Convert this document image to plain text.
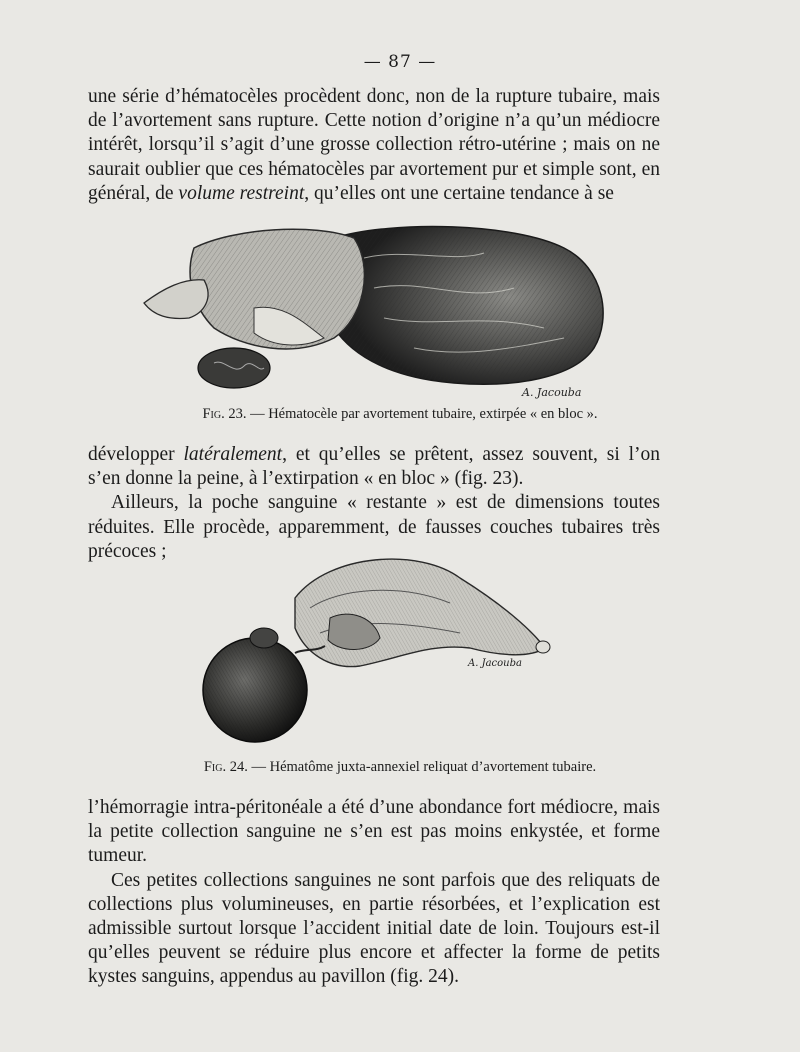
— 87 —

une série d’hématocèles procèdent donc, non de la rupture tubaire, mais de l’avortement sans rupture. Cette notion d’origine n’a qu’un médiocre intérêt, lorsqu’il s’agit d’une grosse collection rétro-utérine ; mais on ne saurait oublier que ces hématocèles par avortement pur et simple sont, en général, de volume restreint, qu’elles ont une certaine tendance à se

A. Jacouba
Fig. 23. — Hématocèle par avortement tubaire, extirpée « en bloc ».

développer latéralement, et qu’elles se prêtent, assez souvent, si l’on s’en donne la peine, à l’extirpation « en bloc » (fig. 23).
Ailleurs, la poche sanguine « restante » est de dimensions toutes réduites. Elle procède, apparemment, de fausses couches tubaires très précoces ;

A. Jacouba
Fig. 24. — Hématôme juxta-annexiel reliquat d’avortement tubaire.

l’hémorragie intra-péritonéale a été d’une abondance fort médiocre, mais la petite collection sanguine ne s’en est pas moins enkystée, et forme tumeur.
Ces petites collections sanguines ne sont parfois que des reliquats de collections plus volumineuses, en partie résorbées, et l’explication est admissible surtout lorsque l’accident initial date de loin. Toujours est-il qu’elles peuvent se réduire plus encore et affecter la forme de petits kystes sanguins, appendus au pavillon (fig. 24).
